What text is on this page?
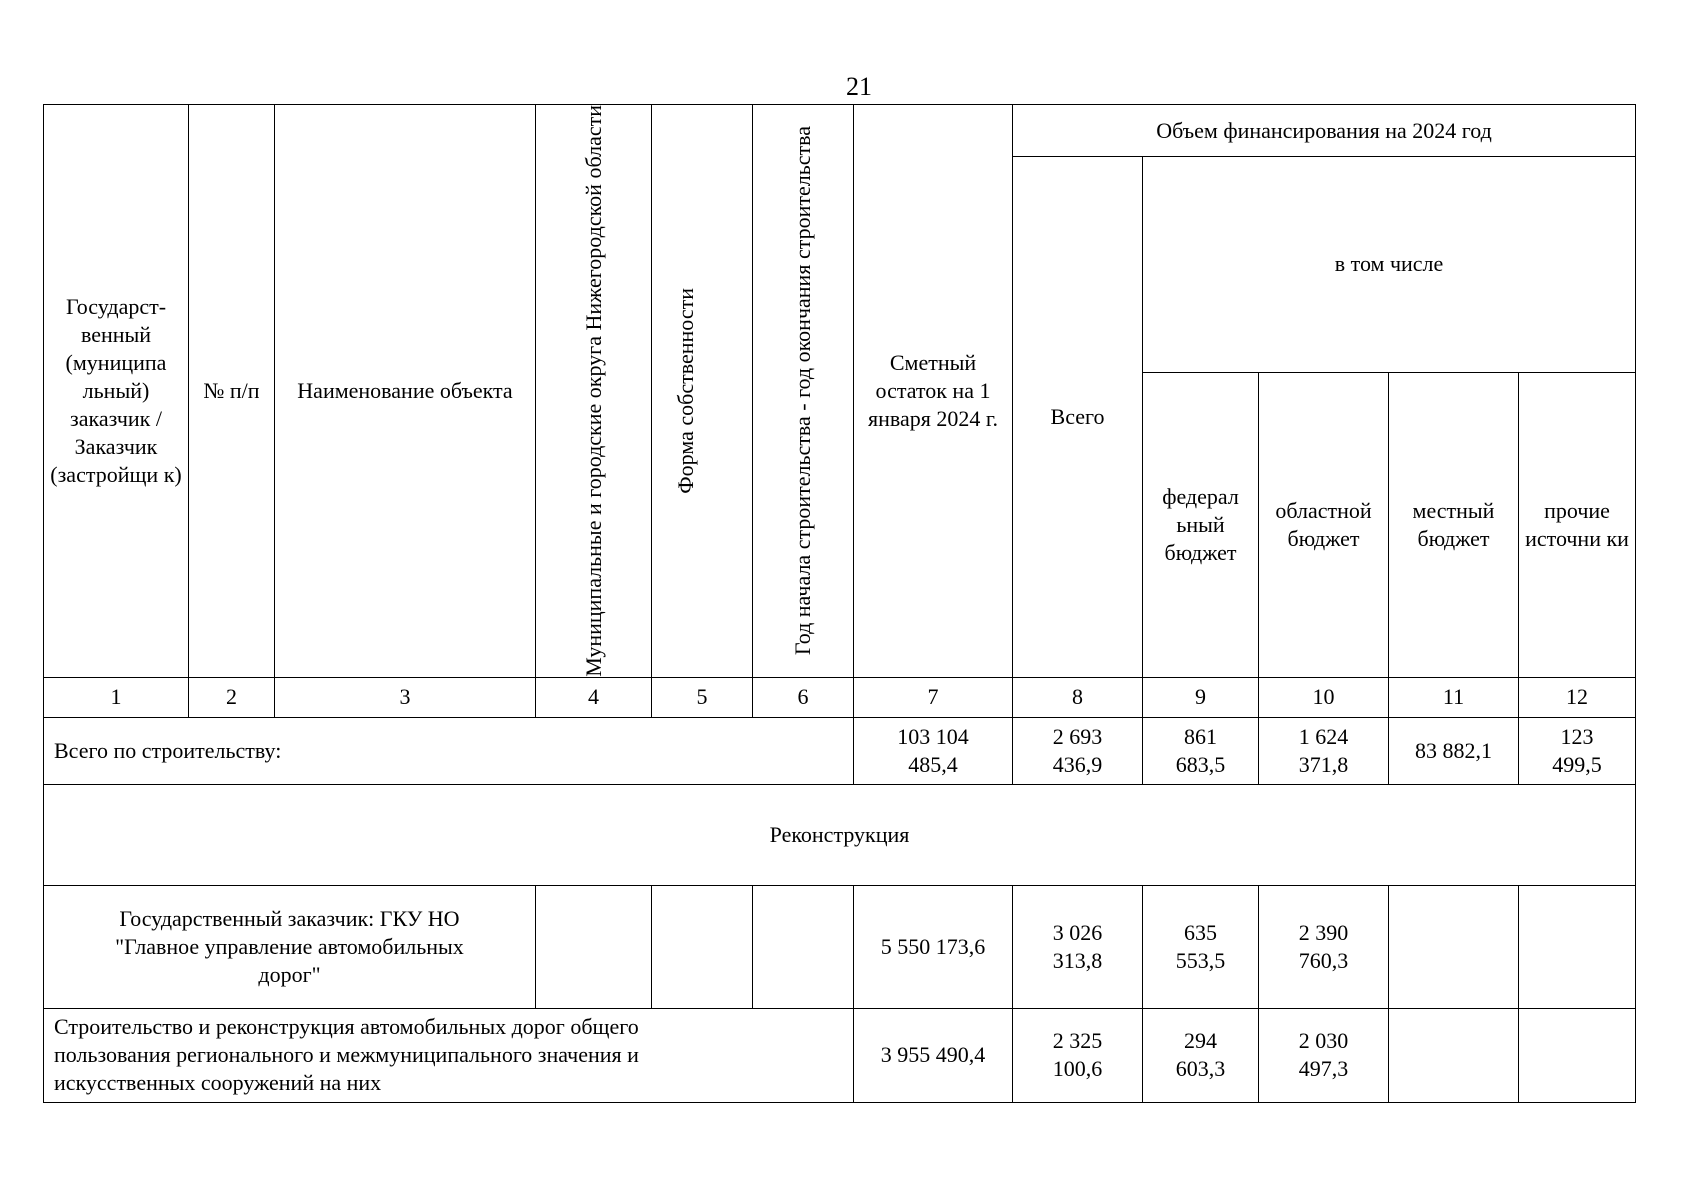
21
Государст-венный (муниципа льный) заказчик / Заказчик (застройщи к)	№ п/п	Наименование объекта	Муниципальные и городские округа Нижегородской области	Форма собственности	Год начала строительства - год окончания строительства	Сметный остаток на 1 января 2024 г.	Объем финансирования на 2024 год				
							Всего	в том числе			
								федерал ьный бюджет	областной бюджет	местный бюджет	прочие источни ки
1	2	3	4	5	6	7	8	9	10	11	12
Всего по строительству:						103 104 485,4	2 693 436,9	861 683,5	1 624 371,8	83 882,1	123 499,5
Реконструкция											
Государственный заказчик: ГКУ НО "Главное управление автомобильных дорог"						5 550 173,6	3 026 313,8	635 553,5	2 390 760,3		
Строительство и реконструкция автомобильных дорог общего пользования регионального и межмуниципального значения и искусственных сооружений на них						3 955 490,4	2 325 100,6	294 603,3	2 030 497,3		
